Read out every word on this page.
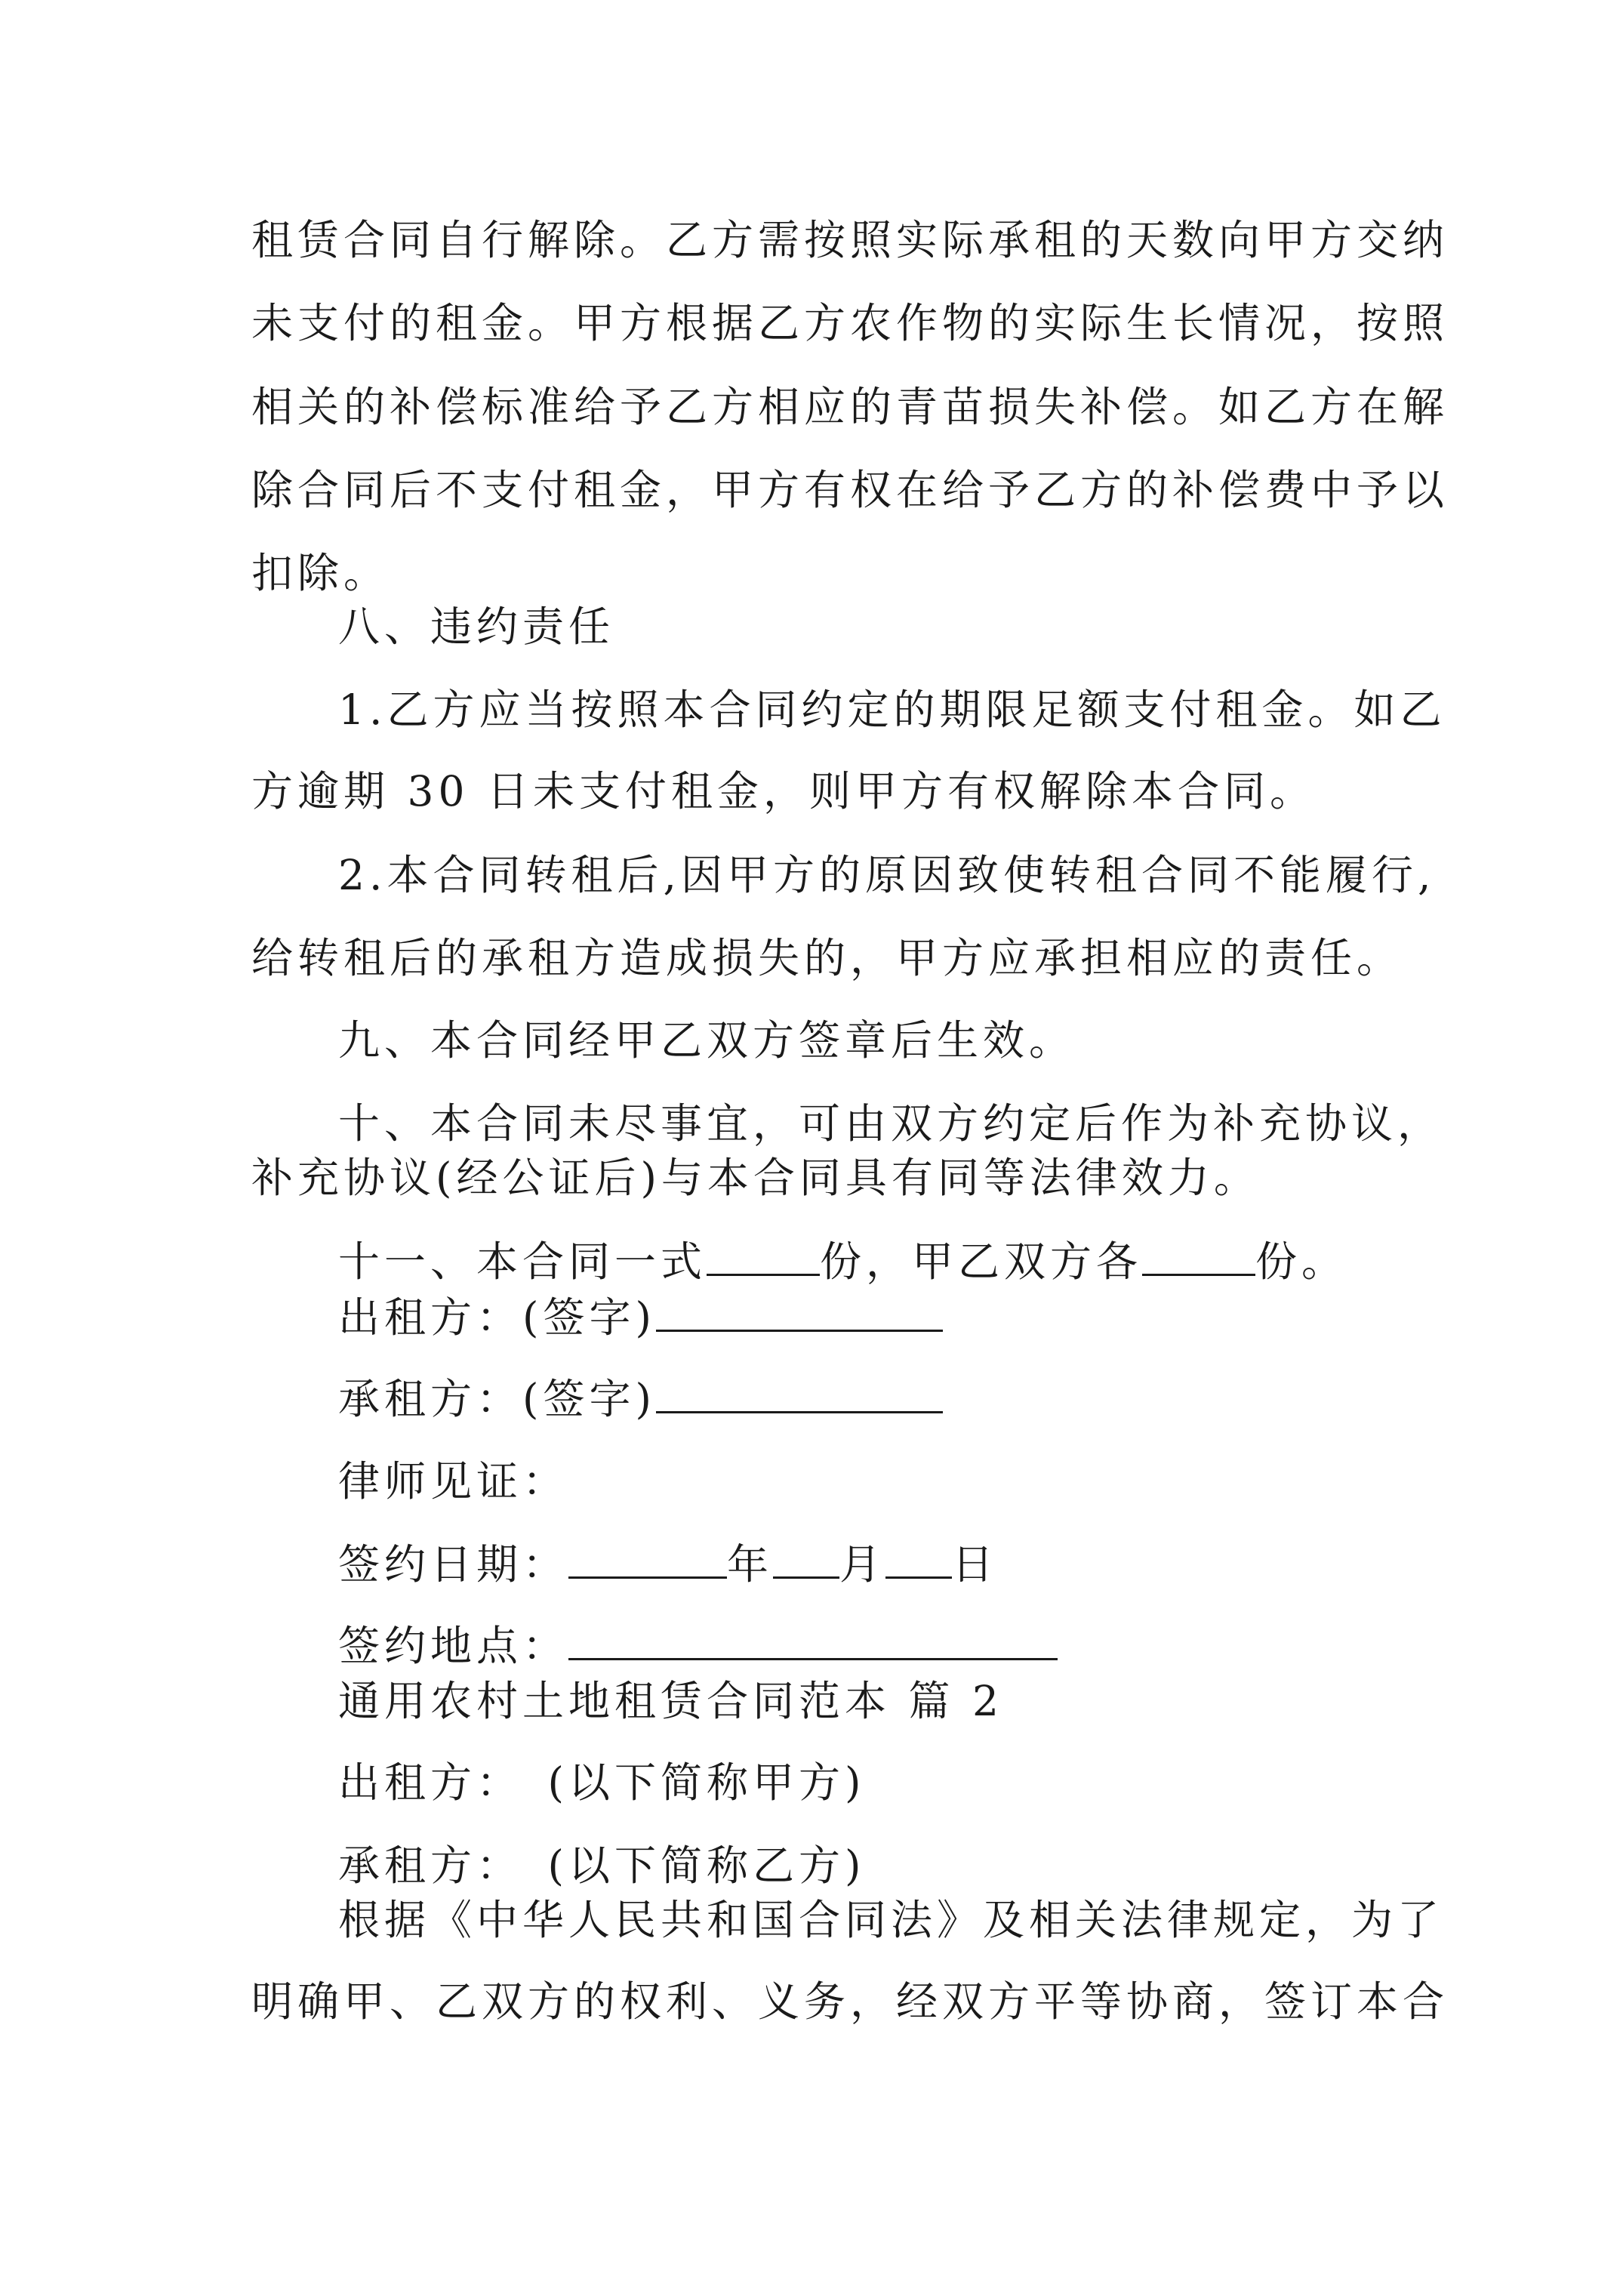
租赁合同自行解除。乙方需按照实际承租的天数向甲方交纳
未支付的租金。甲方根据乙方农作物的实际生长情况，按照
相关的补偿标准给予乙方相应的青苗损失补偿。如乙方在解
除合同后不支付租金，甲方有权在给予乙方的补偿费中予以
扣除。
八、违约责任
1.乙方应当按照本合同约定的期限足额支付租金。如乙
方逾期 30 日未支付租金，则甲方有权解除本合同。
2.本合同转租后,因甲方的原因致使转租合同不能履行,
给转租后的承租方造成损失的，甲方应承担相应的责任。
九、本合同经甲乙双方签章后生效。
十、本合同未尽事宜，可由双方约定后作为补充协议，
补充协议(经公证后)与本合同具有同等法律效力。
十一、本合同一式	份，甲乙双方各	份。
出租方：(签字)
承租方：(签字)
律师见证：
签约日期：	年 月 日
签约地点：
通用农村土地租赁合同范本 篇 2
出租方：　(以下简称甲方)
承租方：　(以下简称乙方)
根据《中华人民共和国合同法》及相关法律规定，为了
明确甲、乙双方的权利、义务，经双方平等协商，签订本合
